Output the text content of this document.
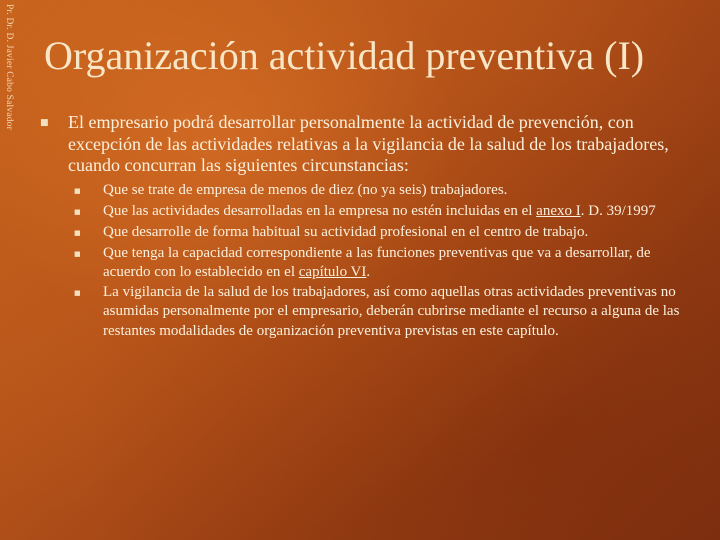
Pr. Dr. D. Javier Cabo Salvador Organización actividad preventiva (I)
■	El empresario podrá desarrollar personalmente la actividad de prevención, con excepción de las actividades relativas a la vigilancia de la salud de los trabajadores, cuando concurran las siguientes circunstancias:
■	Que se trate de empresa de menos de diez (no ya seis) trabajadores.
■	Que las actividades desarrolladas en la empresa no estén incluidas en el anexo I. D. 39/1997
■	Que desarrolle de forma habitual su actividad profesional en el centro de trabajo.
■	Que tenga la capacidad correspondiente a las funciones preventivas que va a desarrollar, de acuerdo con lo establecido en el capítulo VI.
■	La vigilancia de la salud de los trabajadores, así como aquellas otras actividades preventivas no asumidas personalmente por el empresario, deberán cubrirse mediante el recurso a alguna de las restantes modalidades de organización preventiva previstas en este capítulo.
